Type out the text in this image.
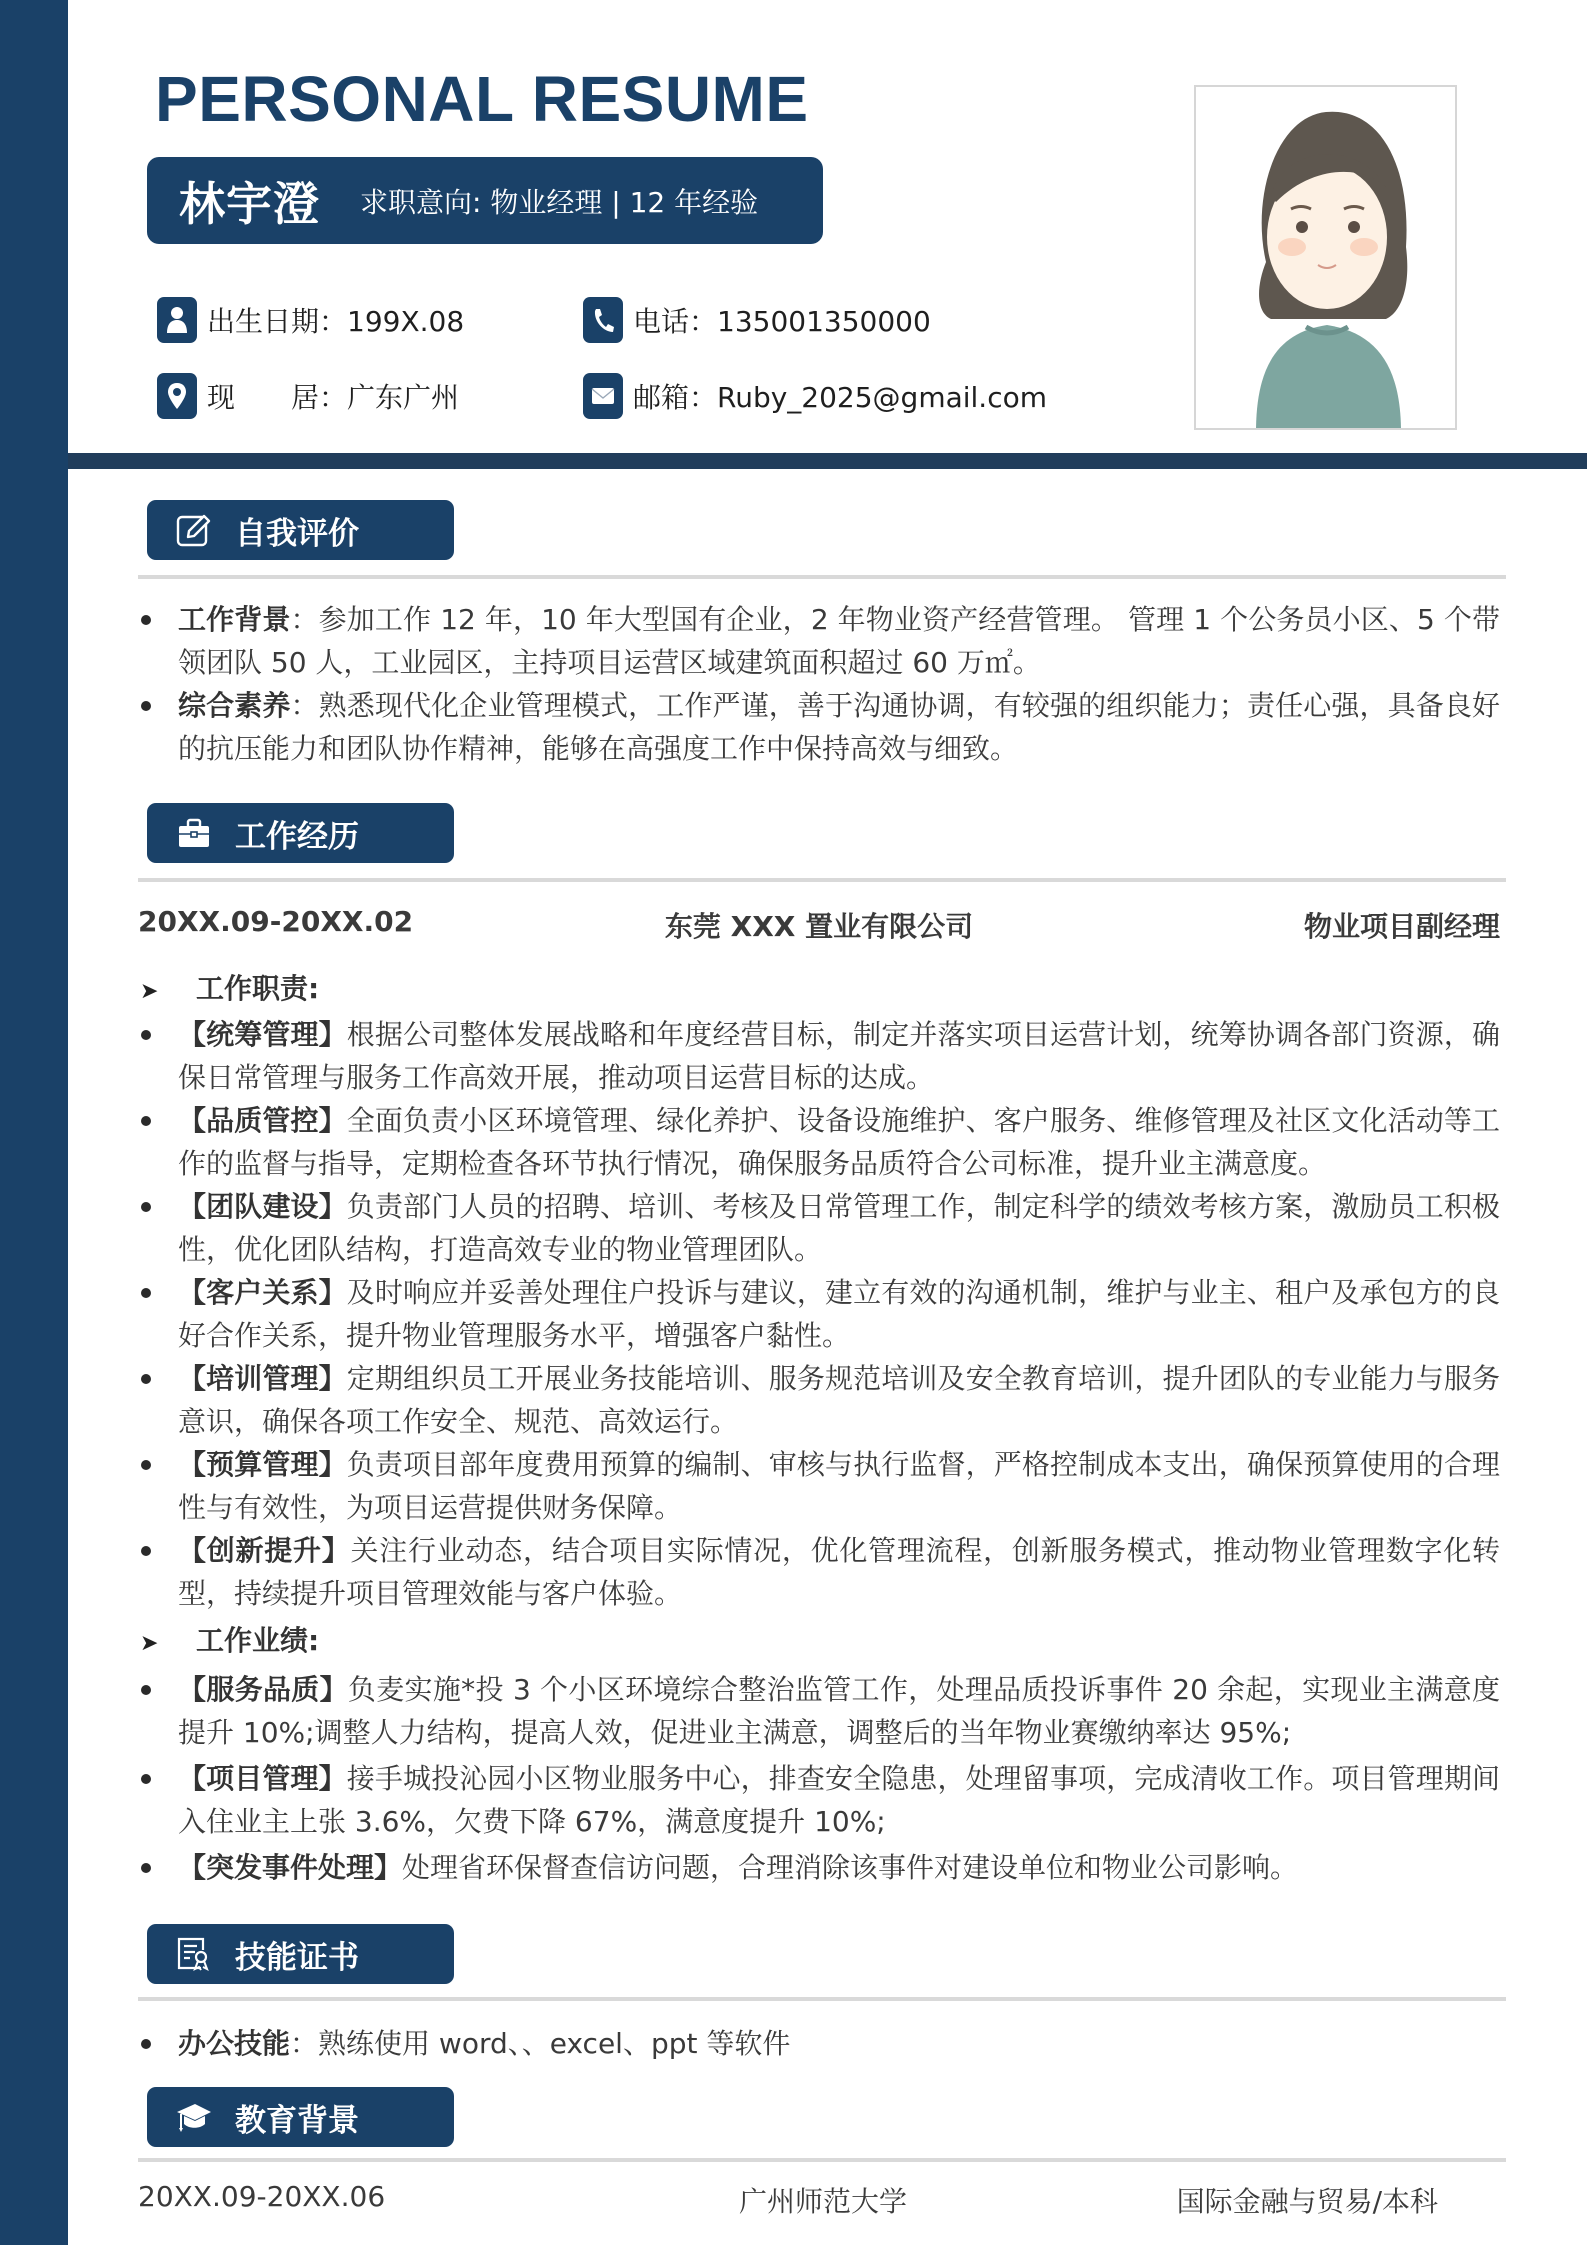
PERSONAL RESUME
林宇澄 求职意向: 物业经理 | 12 年经验
出生日期：199X.08	电话：135001350000
现　　居：广东广州	邮箱：Ruby_2025@gmail.com
自我评价
工作背景：参加工作 12 年，10 年大型国有企业，2 年物业资产经营管理。 管理 1 个公务员小区、5 个带领团队 50 人，工业园区，主持项目运营区域建筑面积超过 60 万㎡。
综合素养：熟悉现代化企业管理模式，工作严谨，善于沟通协调，有较强的组织能力；责任心强，具备良好的抗压能力和团队协作精神，能够在高强度工作中保持高效与细致。
工作经历
20XX.09-20XX.02	东莞 XXX 置业有限公司	物业项目副经理
➤ 工作职责:
【统筹管理】根据公司整体发展战略和年度经营目标，制定并落实项目运营计划，统筹协调各部门资源，确保日常管理与服务工作高效开展，推动项目运营目标的达成。
【品质管控】全面负责小区环境管理、绿化养护、设备设施维护、客户服务、维修管理及社区文化活动等工作的监督与指导，定期检查各环节执行情况，确保服务品质符合公司标准，提升业主满意度。
【团队建设】负责部门人员的招聘、培训、考核及日常管理工作，制定科学的绩效考核方案，激励员工积极性，优化团队结构，打造高效专业的物业管理团队。
【客户关系】及时响应并妥善处理住户投诉与建议，建立有效的沟通机制，维护与业主、租户及承包方的良好合作关系，提升物业管理服务水平，增强客户黏性。
【培训管理】定期组织员工开展业务技能培训、服务规范培训及安全教育培训，提升团队的专业能力与服务意识，确保各项工作安全、规范、高效运行。
【预算管理】负责项目部年度费用预算的编制、审核与执行监督，严格控制成本支出，确保预算使用的合理性与有效性，为项目运营提供财务保障。
【创新提升】关注行业动态，结合项目实际情况，优化管理流程，创新服务模式，推动物业管理数字化转型，持续提升项目管理效能与客户体验。
➤ 工作业绩:
【服务品质】负麦实施*投 3 个小区环境综合整治监管工作，处理品质投诉事件 20 余起，实现业主满意度提升 10%;调整人力结构，提高人效，促进业主满意，调整后的当年物业赛缴纳率达 95%;
【项目管理】接手城投沁园小区物业服务中心，排查安全隐患，处理留事项，完成清收工作。项目管理期间入住业主上张 3.6%，欠费下降 67%，满意度提升 10%;
【突发事件处理】处理省环保督查信访问题，合理消除该事件对建设单位和物业公司影响。
技能证书
办公技能：熟练使用 word、、excel、ppt 等软件
教育背景
20XX.09-20XX.06	广州师范大学	国际金融与贸易/本科
